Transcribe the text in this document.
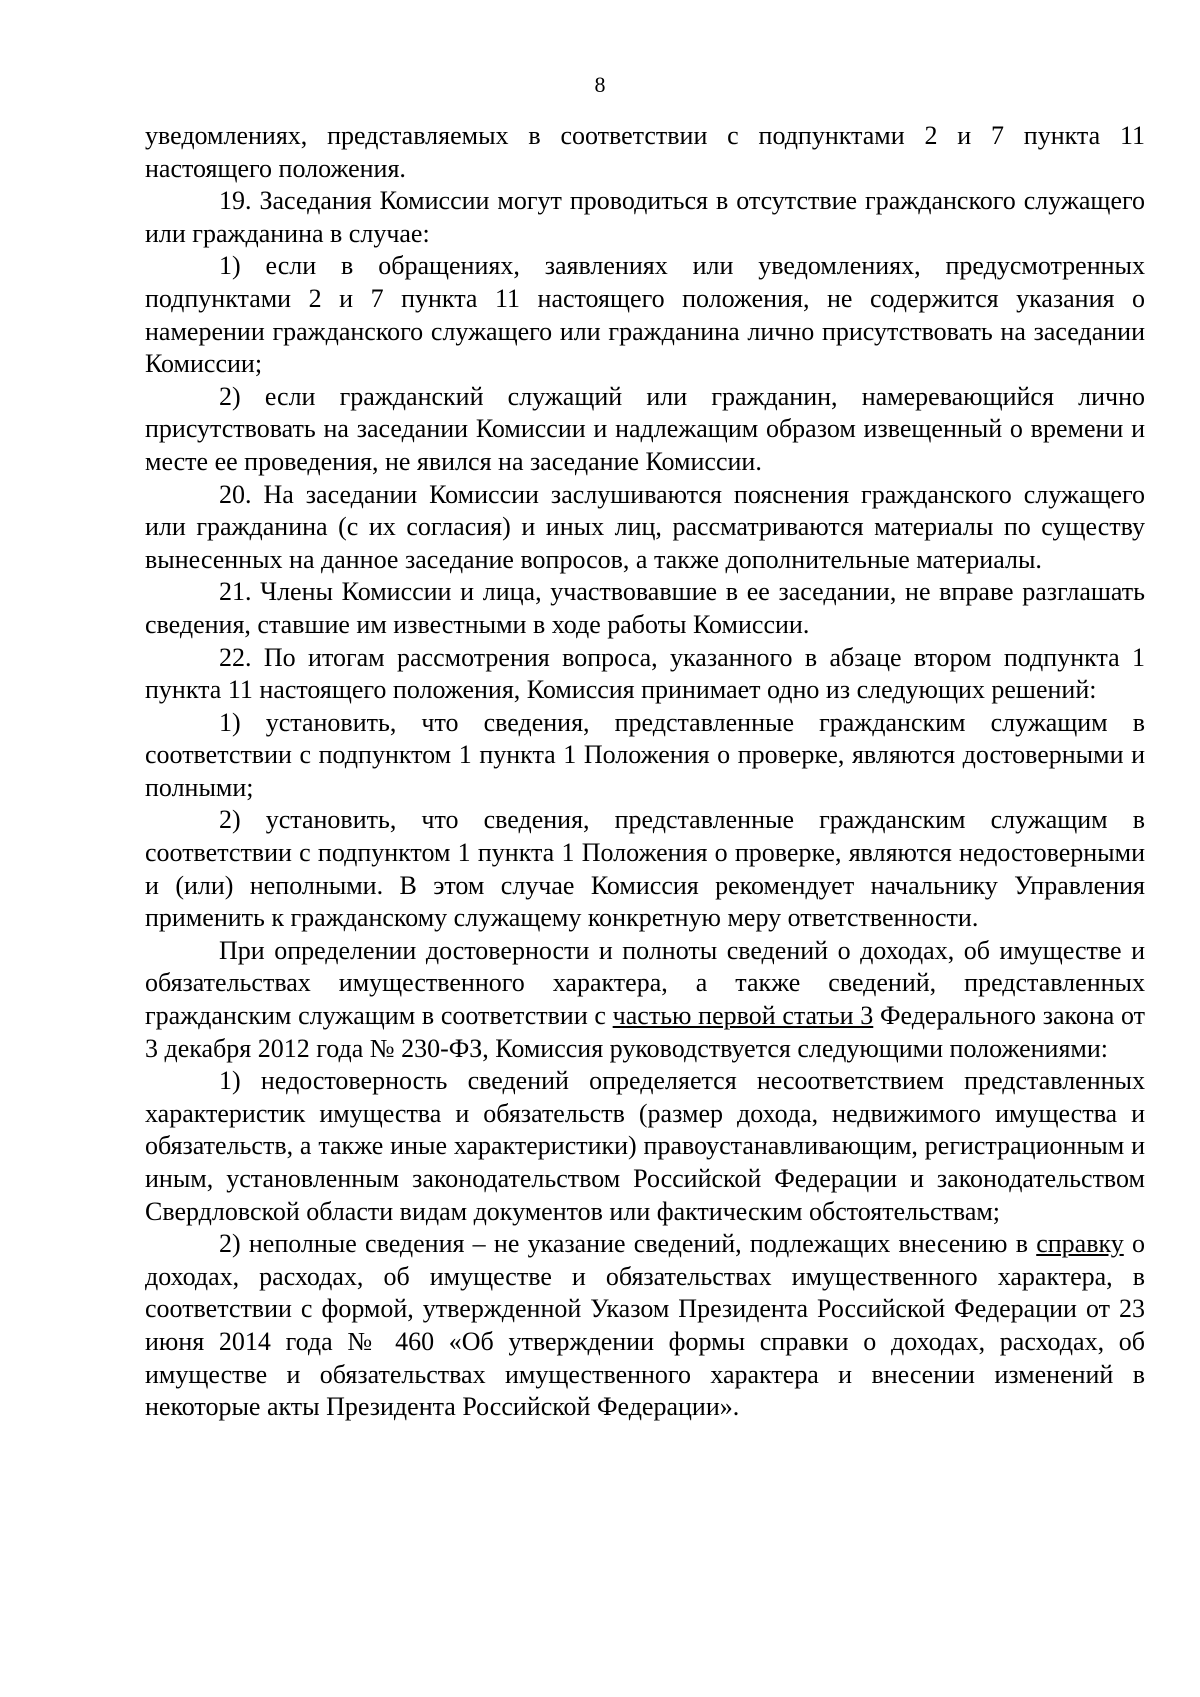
8

уведомлениях, представляемых в соответствии с подпунктами 2 и 7 пункта 11 настоящего положения.

19. Заседания Комиссии могут проводиться в отсутствие гражданского служащего или гражданина в случае:

1) если в обращениях, заявлениях или уведомлениях, предусмотренных подпунктами 2 и 7 пункта 11 настоящего положения, не содержится указания о намерении гражданского служащего или гражданина лично присутствовать на заседании Комиссии;

2) если гражданский служащий или гражданин, намеревающийся лично присутствовать на заседании Комиссии и надлежащим образом извещенный о времени и месте ее проведения, не явился на заседание Комиссии.

20. На заседании Комиссии заслушиваются пояснения гражданского служащего или гражданина (с их согласия) и иных лиц, рассматриваются материалы по существу вынесенных на данное заседание вопросов, а также дополнительные материалы.

21. Члены Комиссии и лица, участвовавшие в ее заседании, не вправе разглашать сведения, ставшие им известными в ходе работы Комиссии.

22. По итогам рассмотрения вопроса, указанного в абзаце втором подпункта 1 пункта 11 настоящего положения, Комиссия принимает одно из следующих решений:

1) установить, что сведения, представленные гражданским служащим в соответствии с подпунктом 1 пункта 1 Положения о проверке, являются достоверными и полными;

2) установить, что сведения, представленные гражданским служащим в соответствии с подпунктом 1 пункта 1 Положения о проверке, являются недостоверными и (или) неполными. В этом случае Комиссия рекомендует начальнику Управления применить к гражданскому служащему конкретную меру ответственности.

При определении достоверности и полноты сведений о доходах, об имуществе и обязательствах имущественного характера, а также сведений, представленных гражданским служащим в соответствии с частью первой статьи 3 Федерального закона от 3 декабря 2012 года № 230-ФЗ, Комиссия руководствуется следующими положениями:

1) недостоверность сведений определяется несоответствием представленных характеристик имущества и обязательств (размер дохода, недвижимого имущества и обязательств, а также иные характеристики) правоустанавливающим, регистрационным и иным, установленным законодательством Российской Федерации и законодательством Свердловской области видам документов или фактическим обстоятельствам;

2) неполные сведения – не указание сведений, подлежащих внесению в справку о доходах, расходах, об имуществе и обязательствах имущественного характера, в соответствии с формой, утвержденной Указом Президента Российской Федерации от 23 июня 2014 года № 460 «Об утверждении формы справки о доходах, расходах, об имуществе и обязательствах имущественного характера и внесении изменений в некоторые акты Президента Российской Федерации».
